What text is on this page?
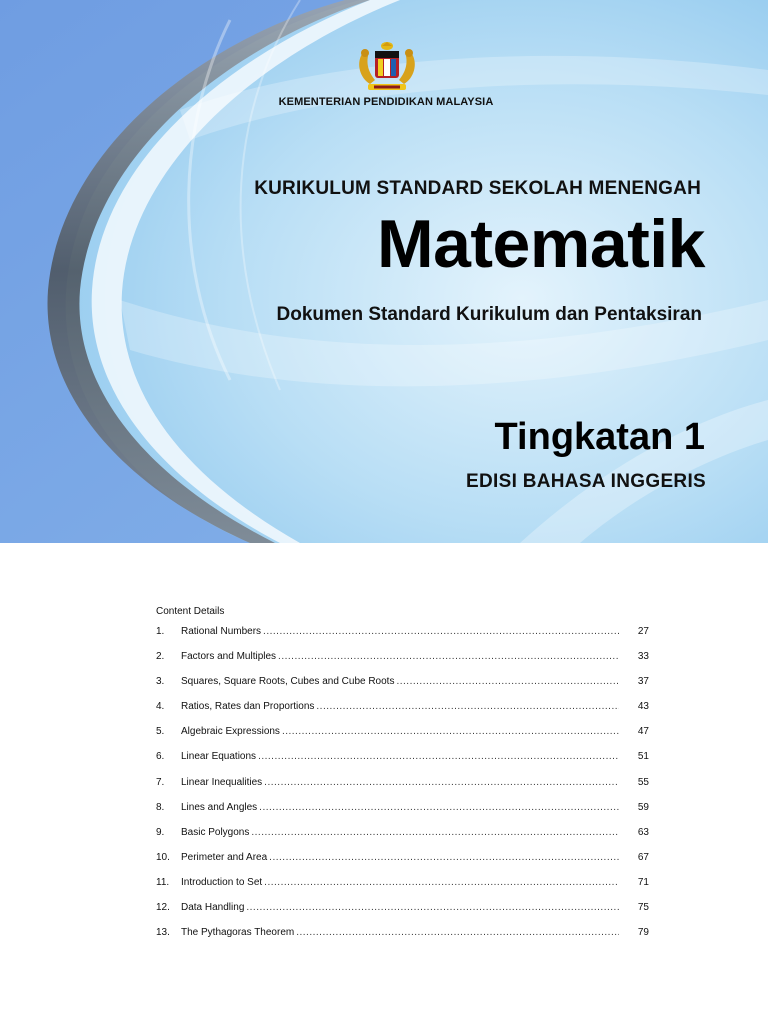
KEMENTERIAN PENDIDIKAN MALAYSIA
KURIKULUM STANDARD SEKOLAH MENENGAH
Matematik
Dokumen Standard Kurikulum dan Pentaksiran
Tingkatan 1
EDISI BAHASA INGGERIS
Content Details
1.	Rational Numbers .....	27
2.	Factors and Multiples .....	33
3.	Squares, Square Roots, Cubes and Cube Roots .....	37
4.	Ratios, Rates dan Proportions .....	43
5.	Algebraic Expressions .....	47
6.	Linear Equations .....	51
7.	Linear Inequalities .....	55
8.	Lines and Angles .....	59
9.	Basic Polygons .....	63
10.	Perimeter and Area .....	67
11.	Introduction to Set .....	71
12.	Data Handling .....	75
13.	The Pythagoras Theorem .....	79
